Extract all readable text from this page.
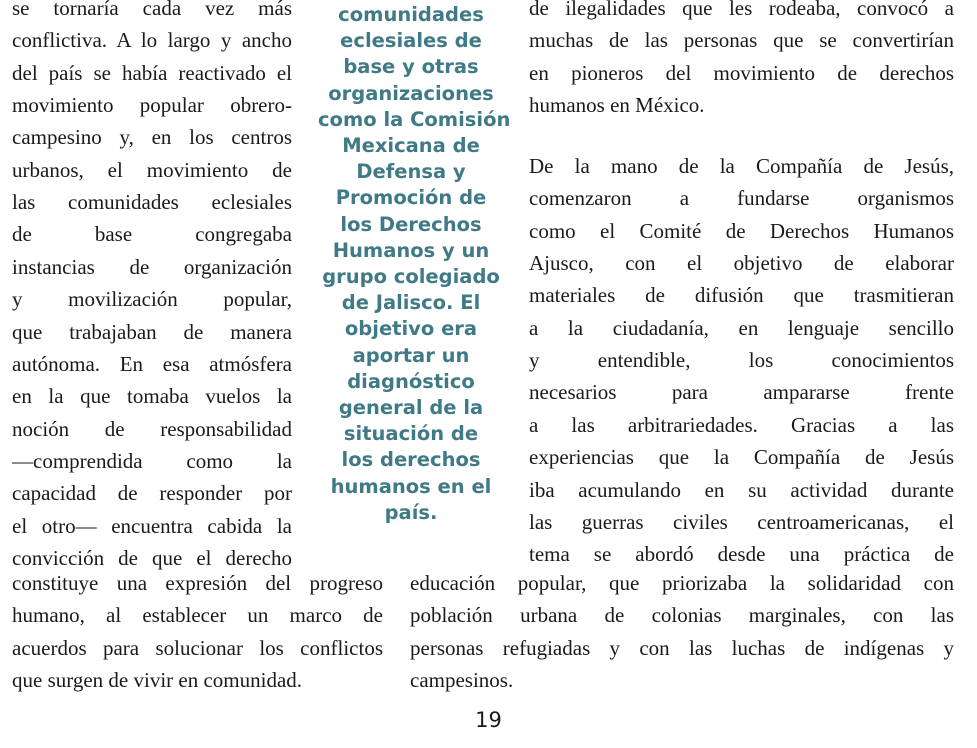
se tornaría cada vez más
conflictiva. A lo largo y ancho
del país se había reactivado el
movimiento popular obrero-
campesino y, en los centros
urbanos, el movimiento de
las comunidades eclesiales
de base congregaba
instancias de organización
y movilización popular,
que trabajaban de manera
autónoma. En esa atmósfera
en la que tomaba vuelos la
noción de responsabilidad
—comprendida como la
capacidad de responder por
el otro— encuentra cabida la
convicción de que el derecho
constituye una expresión del progreso
humano, al establecer un marco de
acuerdos para solucionar los conflictos
que surgen de vivir en comunidad.
comunidades
eclesiales de
base y otras
organizaciones
como la Comisión
Mexicana de
Defensa y
Promoción de
los Derechos
Humanos y un
grupo colegiado
de Jalisco. El
objetivo era
aportar un
diagnóstico
general de la
situación de
los derechos
humanos en el
país.
de ilegalidades que les rodeaba, convocó a
muchas de las personas que se convertirían
en pioneros del movimiento de derechos
humanos en México.
De la mano de la Compañía de Jesús,
comenzaron a fundarse organismos
como el Comité de Derechos Humanos
Ajusco, con el objetivo de elaborar
materiales de difusión que trasmitieran
a la ciudadanía, en lenguaje sencillo
y entendible, los conocimientos
necesarios para ampararse frente
a las arbitrariedades. Gracias a las
experiencias que la Compañía de Jesús
iba acumulando en su actividad durante
las guerras civiles centroamericanas, el
tema se abordó desde una práctica de
educación popular, que priorizaba la solidaridad con
población urbana de colonias marginales, con las
personas refugiadas y con las luchas de indígenas y
campesinos.
19
